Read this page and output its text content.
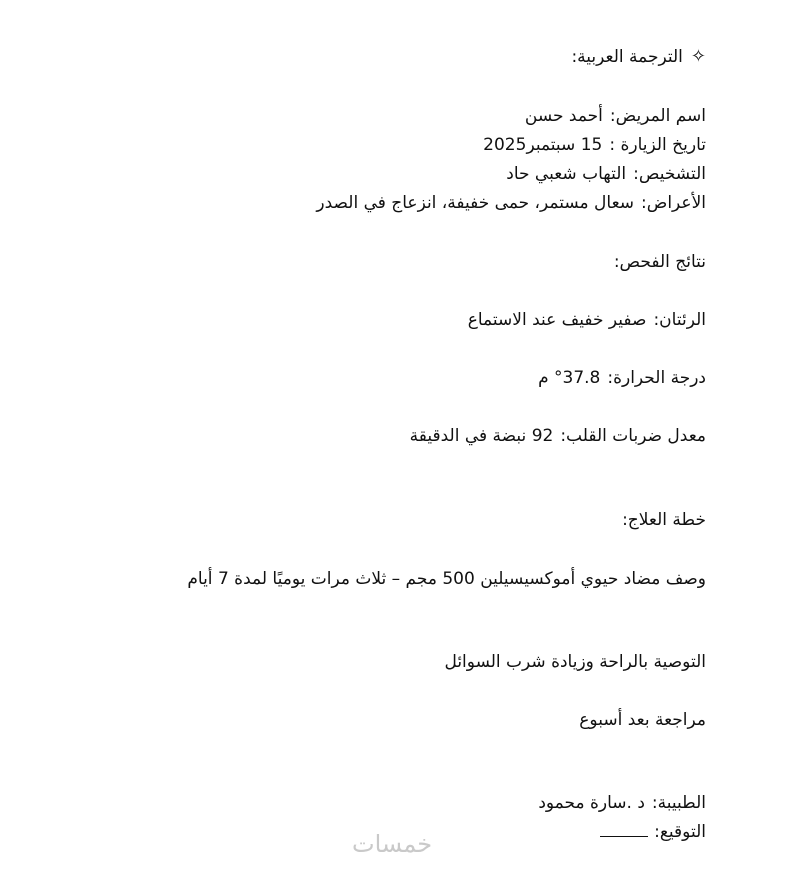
✧الترجمة العربية:
اسم المريض:أحمد حسن
تاريخ الزيارة :15 سبتمبر2025
التشخيص:التهاب شعبي حاد
الأعراض:سعال مستمر، حمى خفيفة، انزعاج في الصدر
نتائج الفحص:
الرئتان:صفير خفيف عند الاستماع
درجة الحرارة:37.8° م
معدل ضربات القلب:92 نبضة في الدقيقة
خطة العلاج:
وصف مضاد حيوي أموكسيسيلين 500 مجم – ثلاث مرات يوميًا لمدة 7 أيام
التوصية بالراحة وزيادة شرب السوائل
مراجعة بعد أسبوع
الطبيبة:د .سارة محمود
التوقيع:
خمسات
